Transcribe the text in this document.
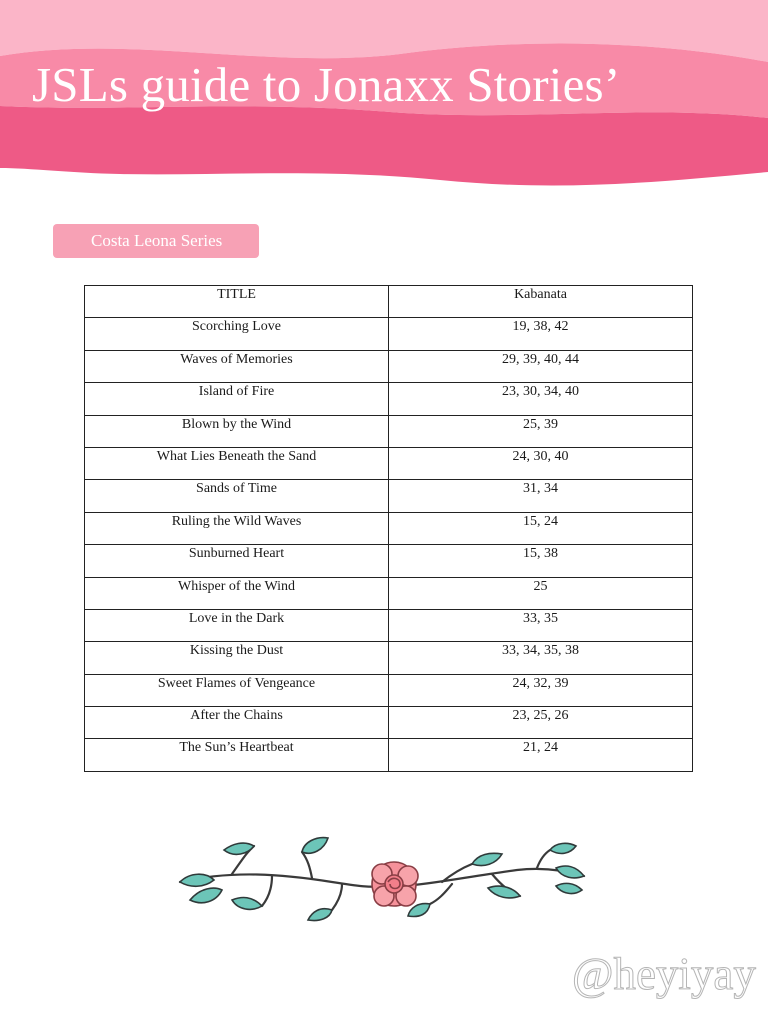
JSLs guide to Jonaxx Stories’
Costa Leona Series
TITLE	Kabanata
Scorching Love	19, 38, 42
Waves of Memories	29, 39, 40, 44
Island of Fire	23, 30, 34, 40
Blown by the Wind	25, 39
What Lies Beneath the Sand	24, 30, 40
Sands of Time	31, 34
Ruling the Wild Waves	15, 24
Sunburned Heart	15, 38
Whisper of the Wind	25
Love in the Dark	33, 35
Kissing the Dust	33, 34, 35, 38
Sweet Flames of Vengeance	24, 32, 39
After the Chains	23, 25, 26
The Sun’s Heartbeat	21, 24
@heyiyay
